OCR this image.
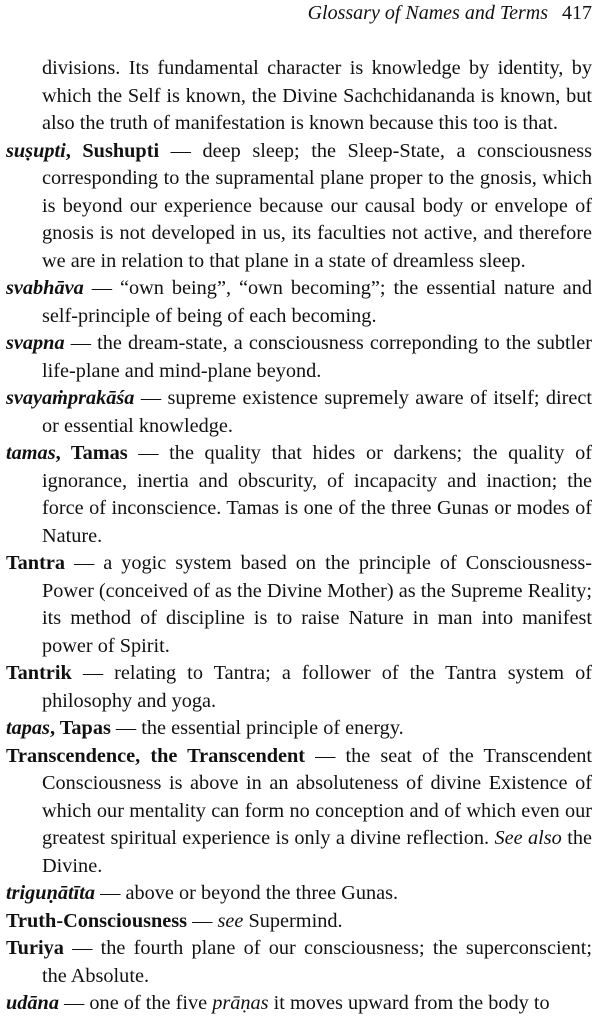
Glossary of Names and Terms 417

divisions. Its fundamental character is knowledge by identity, by which the Self is known, the Divine Sachchidananda is known, but also the truth of manifestation is known because this too is that.

suṣupti, Sushupti — deep sleep; the Sleep-State, a consciousness corresponding to the supramental plane proper to the gnosis, which is beyond our experience because our causal body or envelope of gnosis is not developed in us, its faculties not active, and therefore we are in relation to that plane in a state of dreamless sleep.

svabhāva — “own being”, “own becoming”; the essential nature and self-principle of being of each becoming.

svapna — the dream-state, a consciousness correponding to the subtler life-plane and mind-plane beyond.

svayaṁprakāśa — supreme existence supremely aware of itself; direct or essential knowledge.

tamas, Tamas — the quality that hides or darkens; the quality of ignorance, inertia and obscurity, of incapacity and inaction; the force of inconscience. Tamas is one of the three Gunas or modes of Nature.

Tantra — a yogic system based on the principle of Consciousness-Power (conceived of as the Divine Mother) as the Supreme Reality; its method of discipline is to raise Nature in man into manifest power of Spirit.

Tantrik — relating to Tantra; a follower of the Tantra system of philosophy and yoga.

tapas, Tapas — the essential principle of energy.

Transcendence, the Transcendent — the seat of the Transcendent Consciousness is above in an absoluteness of divine Existence of which our mentality can form no conception and of which even our greatest spiritual experience is only a divine reflection. See also the Divine.

triguṇātīta — above or beyond the three Gunas.

Truth-Consciousness — see Supermind.

Turiya — the fourth plane of our consciousness; the superconscient; the Absolute.

udāna — one of the five prāṇas it moves upward from the body to
